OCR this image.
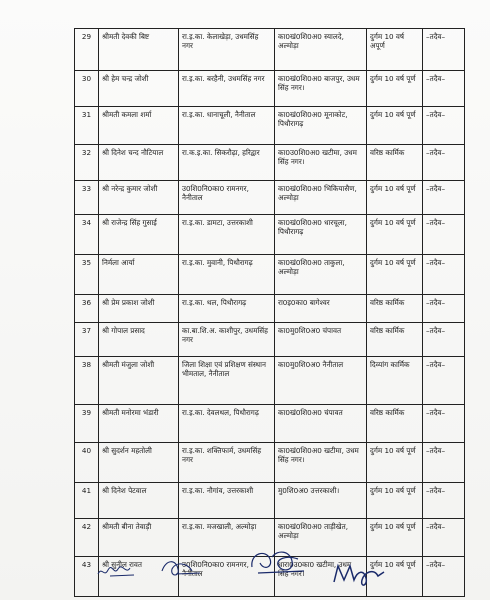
29	श्रीमती देवकी बिष्ट	रा.इ.का. केलाखेड़ा, उधमसिंह नगर	का0खं0शि0अ0 स्यालदे, अल्मोड़ा	दुर्गम 10 वर्ष अपूर्ण	–तदैव–
30	श्री हेम चन्द्र जोशी	रा.इ.का. बरहैनी, उधमसिंह नगर	का0खं0शि0अ0 बाजपुर, उधम सिंह नगर।	दुर्गम 10 वर्ष पूर्ण	–तदैव–
31	श्रीमती कमला शर्मा	रा.इ.का. धानाचूली, नैनीताल	का0खं0शि0अ0 मूनाकोट, पिथौरागढ़	दुर्गम 10 वर्ष पूर्ण	–तदैव–
32	श्री दिनेश चन्द नौटियाल	रा.क.इ.का. सिकरौढ़ा, हरिद्वार	का0उ0शि0अ0 खटीमा, उधम सिंह नगर।	वरिष्ठ कार्मिक	–तदैव–
33	श्री नरेन्द्र कुमार जोशी	उ0शि0नि0का0 रामनगर, नैनीताल	का0खं0शि0अ0 भिकियासैण, अल्मोड़ा	दुर्गम 10 वर्ष पूर्ण	–तदैव–
34	श्री राजेन्द्र सिंह गुसाई	रा.इ.का. डामटा, उत्तरकाशी	का0खं0शि0अ0 धारचूला, पिथौरागढ़	दुर्गम 10 वर्ष पूर्ण	–तदैव–
35	निर्मला आर्या	रा.इ.का. मुवानी, पिथौरागढ़	का0खं0शि0अ0 ताकुला, अल्मोड़ा	दुर्गम 10 वर्ष पूर्ण	–तदैव–
36	श्री प्रेम प्रकाश जोशी	रा.इ.का. थल, पिथौरागढ़	रा0इ0का0 बागेश्वर	वरिष्ठ कार्मिक	–तदैव–
37	श्री गोपाल प्रसाद	का.बा.शि.अ. काशीपुर, उधमसिंह नगर	का0मु0शि0अ0 चंपावत	वरिष्ठ कार्मिक	–तदैव–
38	श्रीमती मंजुला जोशी	जिला शिक्षा एवं प्रशिक्षण संस्थान भीमताल, नैनीताल	का0मु0शि0अ0 नैनीताल	दिव्यांग कार्मिक	–तदैव–
39	श्रीमती मनोरमा भंडारी	रा.इ.का. देवलथल, पिथौरागढ़	का0खं0शि0अ0 चंपावत	वरिष्ठ कार्मिक	–तदैव–
40	श्री सुदर्शन महतोली	रा.इ.का. शक्तिफार्म, उधमसिंह नगर	का0खं0शि0अ0 खटीमा, उधम सिंह नगर।	दुर्गम 10 वर्ष पूर्ण	–तदैव–
41	श्री दिनेश पेटवाल	रा.इ.का. नौगांव, उत्तरकाशी	मु0शि0अ0 उत्तरकाशी।	दुर्गम 10 वर्ष पूर्ण	–तदैव–
42	श्रीमती बीना तेवाड़ी	रा.इ.का. मजखाली, अल्मोड़ा	का0खं0शि0अ0 ताड़ीखेत, अल्मोड़ा	दुर्गम 10 वर्ष पूर्ण	–तदैव–
43	श्री सुनील रावत	उ0शि0नि0का0 रामनगर, नैनीताल	धारा0उ0का0 खटीमा, उधम सिंह नगर।	दुर्गम 10 वर्ष पूर्ण	–तदैव–
